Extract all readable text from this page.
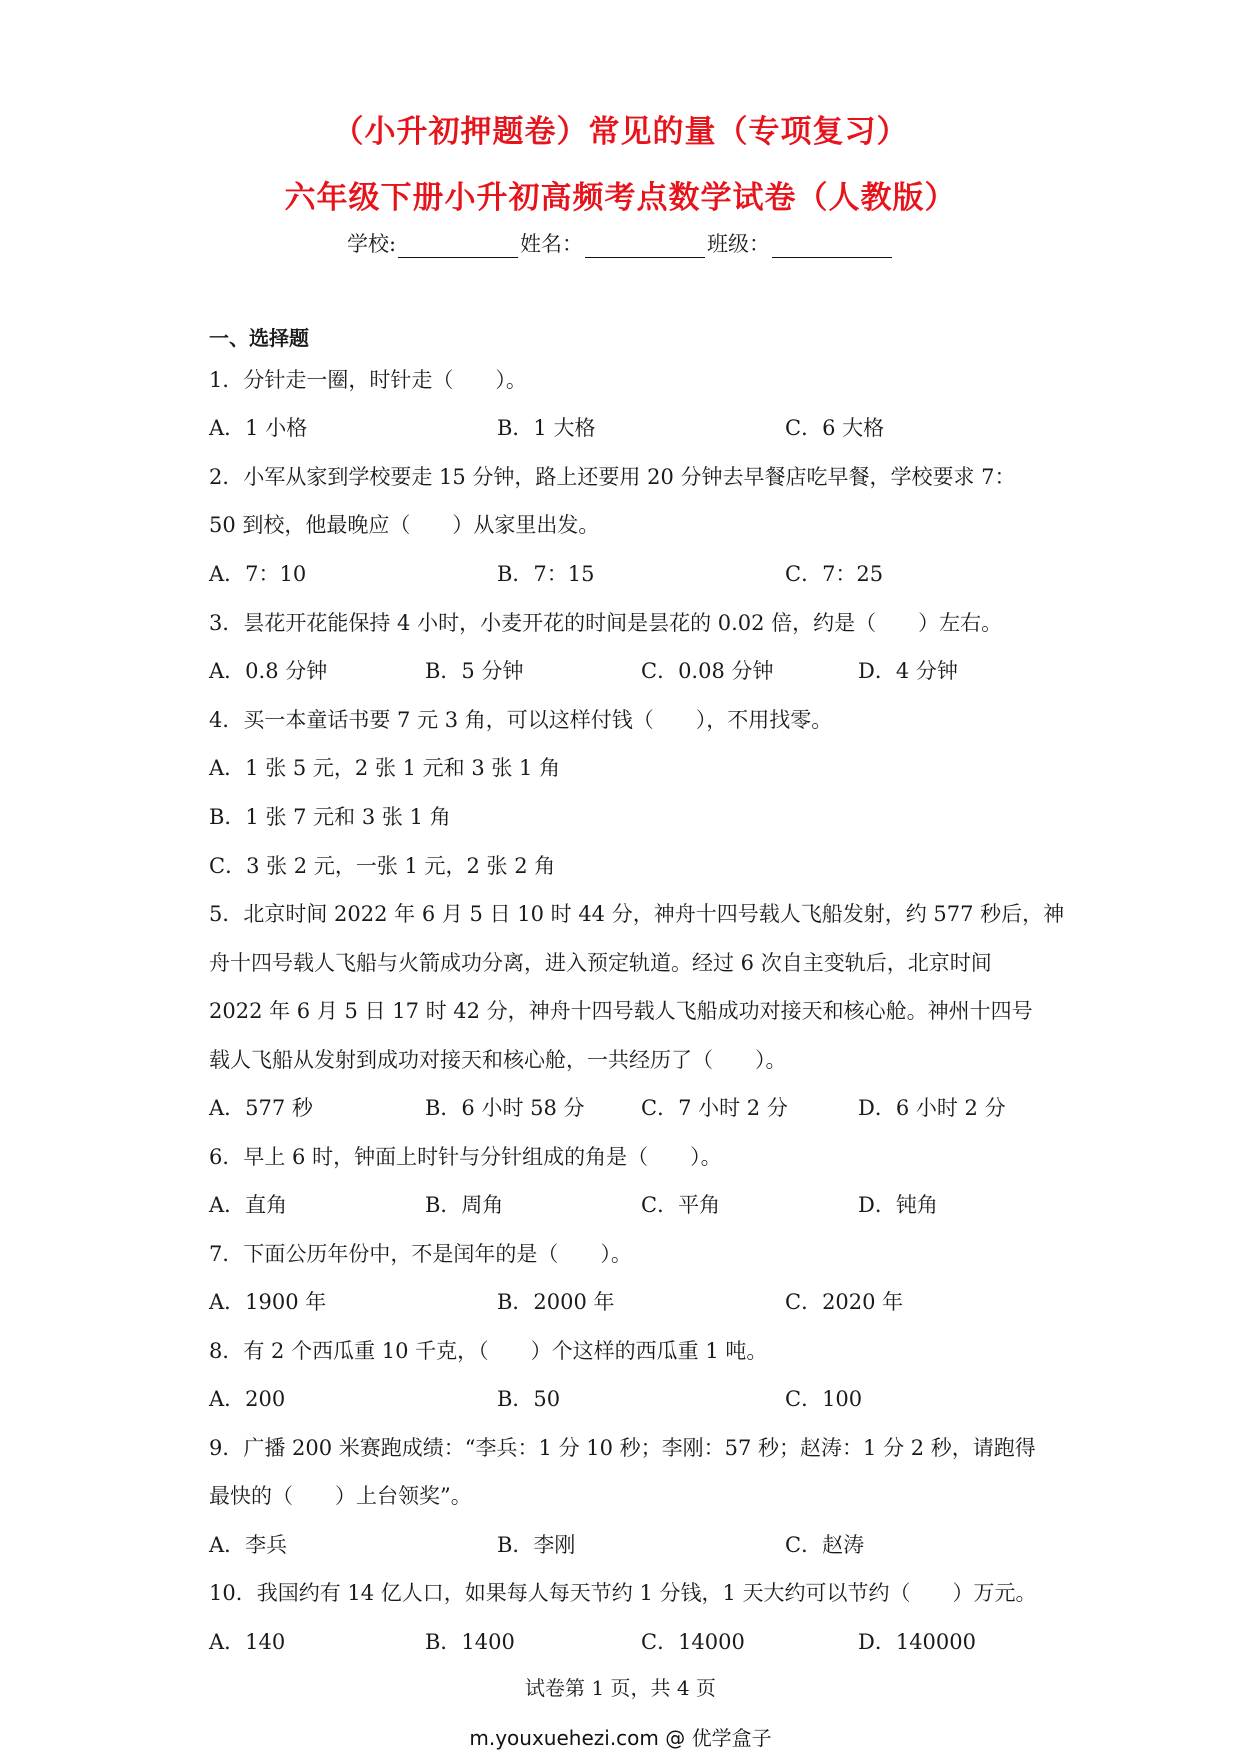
（小升初押题卷）常见的量（专项复习）
六年级下册小升初高频考点数学试卷（人教版）
学校:	姓名：	班级：
一、选择题
1．分针走一圈，时针走（　　）。
A．1 小格	B．1 大格	C．6 大格
2．小军从家到学校要走 15 分钟，路上还要用 20 分钟去早餐店吃早餐，学校要求 7：
50 到校，他最晚应（　　）从家里出发。
A．7：10	B．7：15	C．7：25
3．昙花开花能保持 4 小时，小麦开花的时间是昙花的 0.02 倍，约是（　　）左右。
A．0.8 分钟	B．5 分钟	C．0.08 分钟	D．4 分钟
4．买一本童话书要 7 元 3 角，可以这样付钱（　　），不用找零。
A．1 张 5 元，2 张 1 元和 3 张 1 角
B．1 张 7 元和 3 张 1 角
C．3 张 2 元，一张 1 元，2 张 2 角
5．北京时间 2022 年 6 月 5 日 10 时 44 分，神舟十四号载人飞船发射，约 577 秒后，神
舟十四号载人飞船与火箭成功分离，进入预定轨道。经过 6 次自主变轨后，北京时间
2022 年 6 月 5 日 17 时 42 分，神舟十四号载人飞船成功对接天和核心舱。神州十四号
载人飞船从发射到成功对接天和核心舱，一共经历了（　　）。
A．577 秒	B．6 小时 58 分	C．7 小时 2 分	D．6 小时 2 分
6．早上 6 时，钟面上时针与分针组成的角是（　　）。
A．直角	B．周角	C．平角	D．钝角
7．下面公历年份中，不是闰年的是（　　）。
A．1900 年	B．2000 年	C．2020 年
8．有 2 个西瓜重 10 千克，（　　）个这样的西瓜重 1 吨。
A．200	B．50	C．100
9．广播 200 米赛跑成绩：“李兵：1 分 10 秒；李刚：57 秒；赵涛：1 分 2 秒，请跑得
最快的（　　）上台领奖”。
A．李兵	B．李刚	C．赵涛
10．我国约有 14 亿人口，如果每人每天节约 1 分钱，1 天大约可以节约（　　）万元。
A．140	B．1400	C．14000	D．140000
试卷第 1 页，共 4 页
m.youxuehezi.com @ 优学盒子
